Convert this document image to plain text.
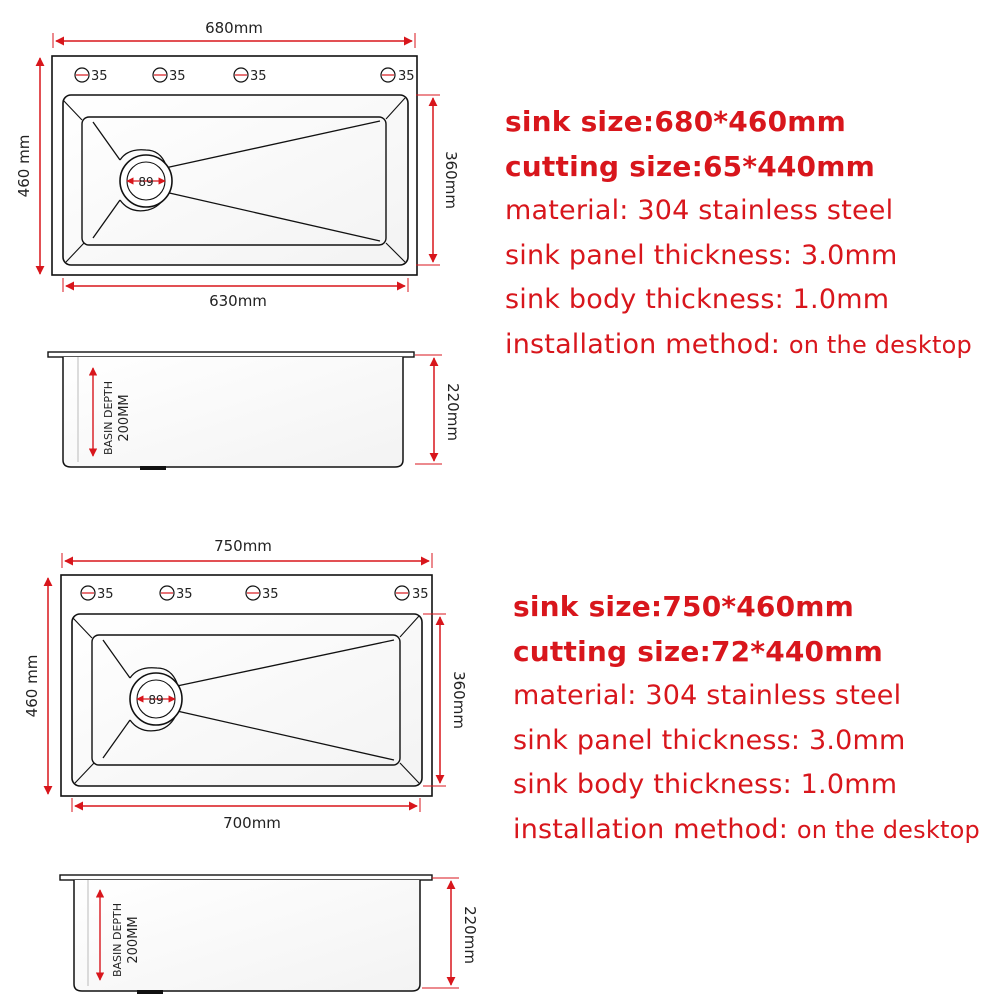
680mm
460 mm
35	35	35	35
89	360mm
630mm
BASIN DEPTH 200MM	220mm
750mm
460 mm
35	35	35	35
89	360mm
700mm
BASIN DEPTH 200MM	220mm
sink size:680*460mm
cutting size:65*440mm
material: 304 stainless steel
sink panel thickness: 3.0mm
sink body thickness: 1.0mm
installation method: on the desktop
sink size:750*460mm
cutting size:72*440mm
material: 304 stainless steel
sink panel thickness: 3.0mm
sink body thickness: 1.0mm
installation method: on the desktop
